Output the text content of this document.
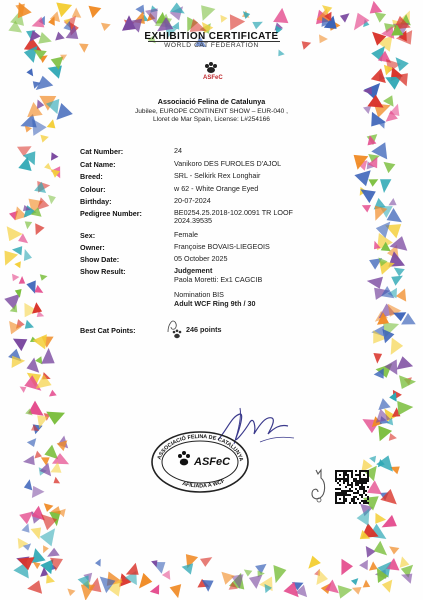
EXHIBITION CERTIFICATE
WORLD CAT FEDERATION
ASFeC
Associació Felina de Catalunya
Jubilee, EUROPE CONTINENT SHOW – EUR-040 ,
Lloret de Mar Spain, License: L#254166
Cat Number:	24
Cat Name:	Vanikoro DES FUROLES D'AJOL
Breed:	SRL - Selkirk Rex Longhair
Colour:	w 62 - White Orange Eyed
Birthday:	20-07-2024
Pedigree Number:	BE0254.25.2018-102.0091 TR LOOF
2024.39535
Sex:	Female
Owner:	Françoise BOVAIS-LIEGEOIS
Show Date:	05 October 2025
Show Result:	Judgement
Paola Moretti: Ex1 CAGCIB
Nomination BIS
Adult WCF Ring 9th / 30
Best Cat Points:	246 points
ASSOCIACIÓ FELINA DE CATALUNYA
AFILIADA A WCF
ASFeC
